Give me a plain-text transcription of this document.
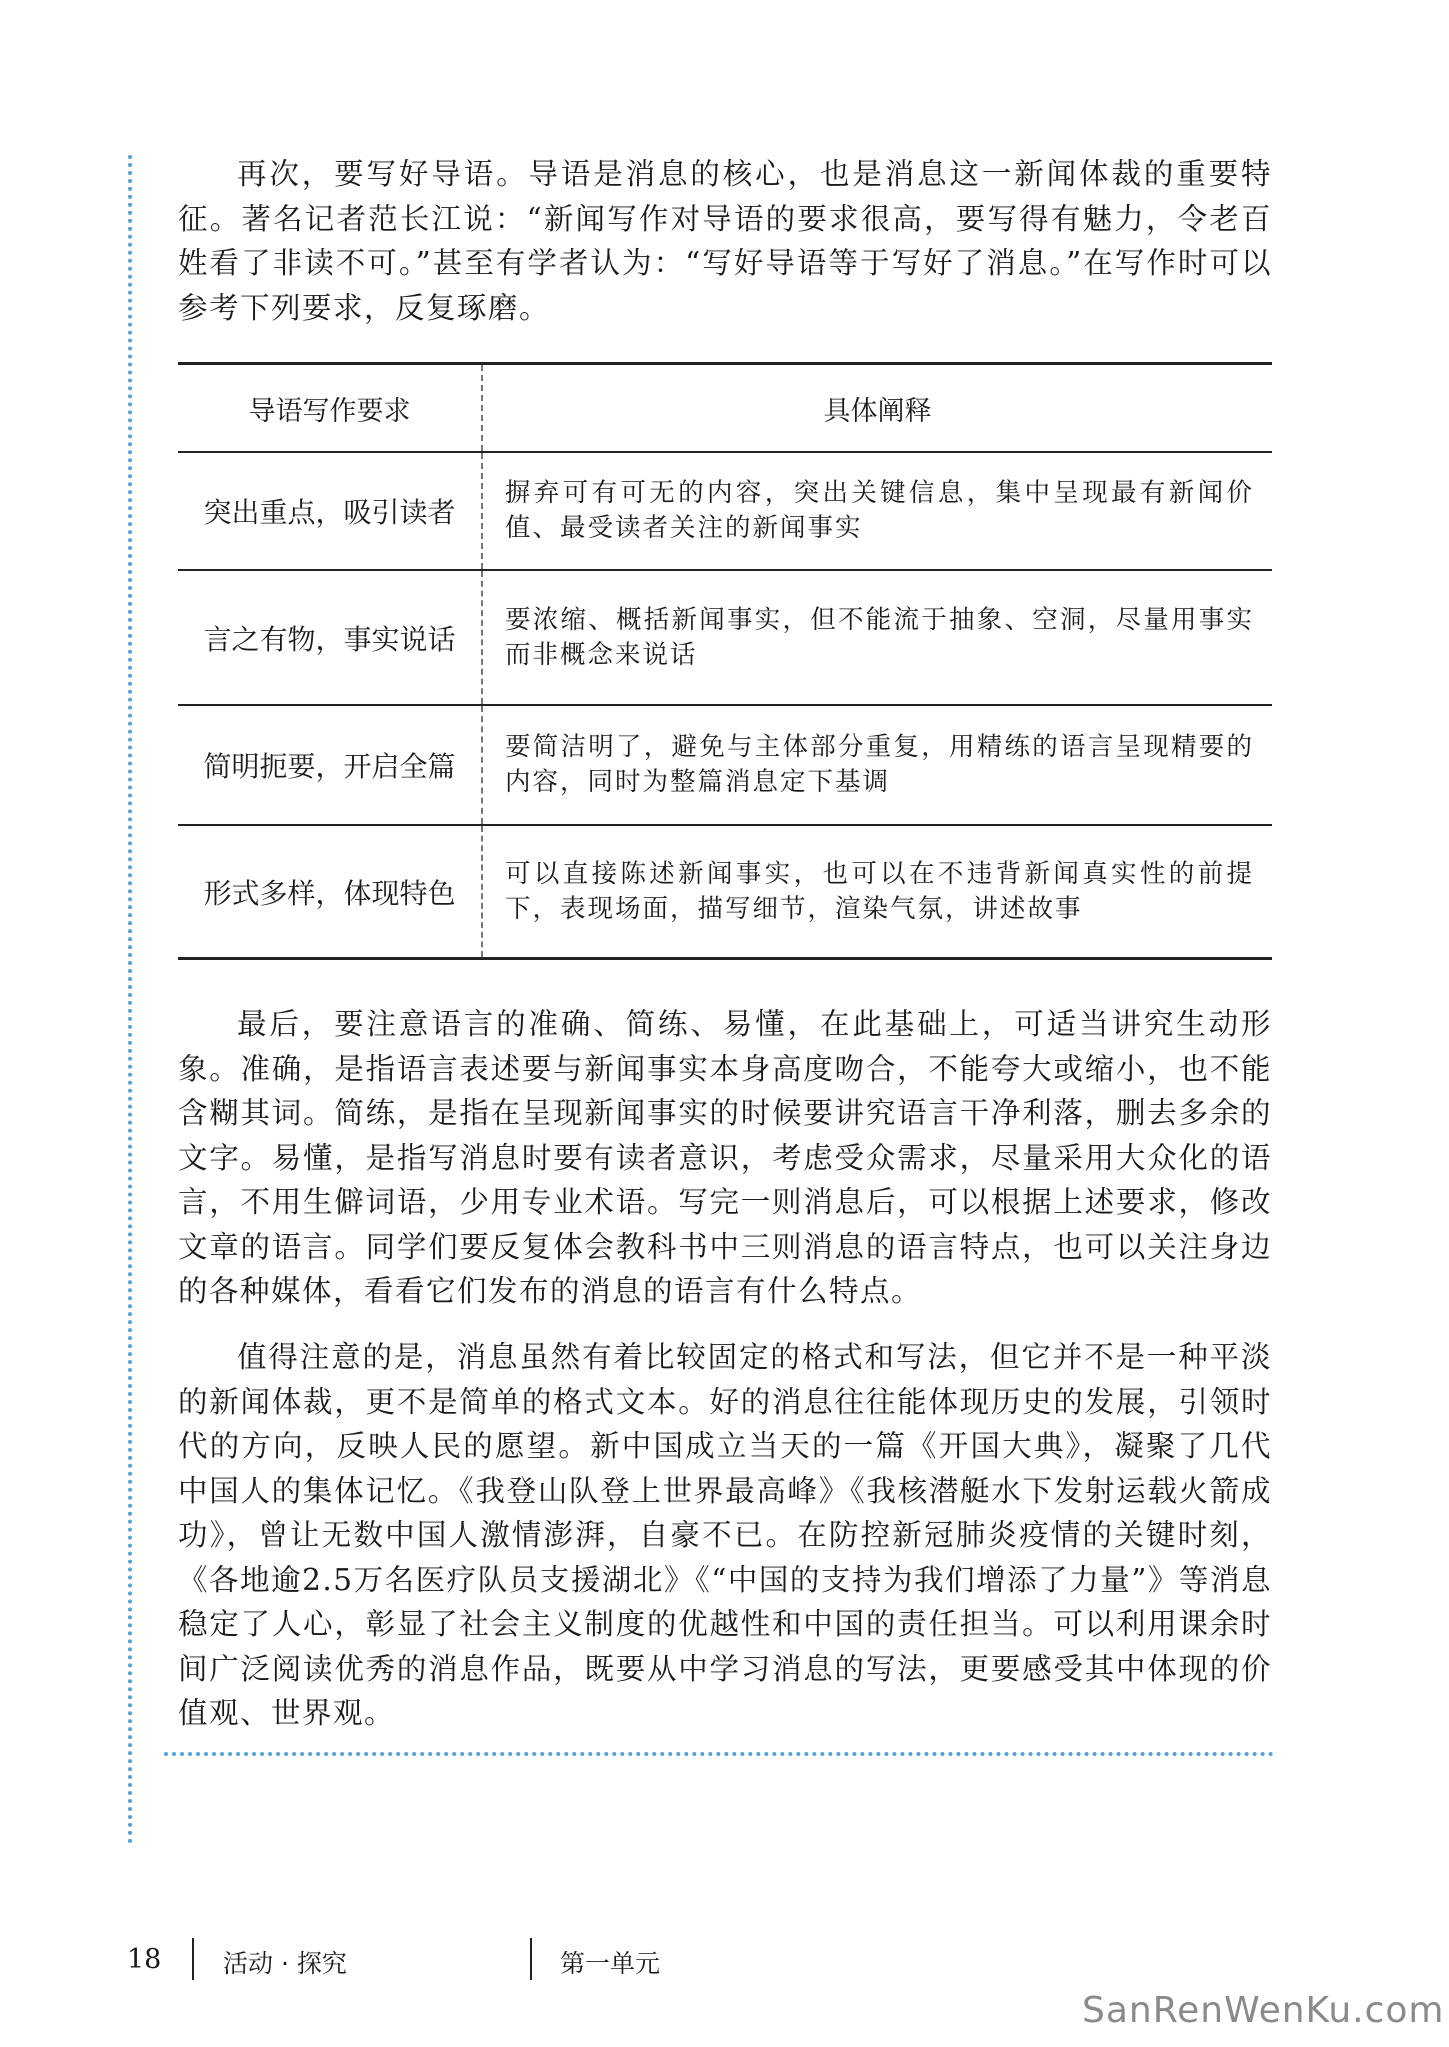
再次，要写好导语。导语是消息的核心，也是消息这一新闻体裁的重要特征。著名记者范长江说：“新闻写作对导语的要求很高，要写得有魅力，令老百姓看了非读不可。”甚至有学者认为：“写好导语等于写好了消息。”在写作时可以参考下列要求，反复琢磨。

导语写作要求	具体阐释
突出重点，吸引读者	摒弃可有可无的内容，突出关键信息，集中呈现最有新闻价值、最受读者关注的新闻事实
言之有物，事实说话	要浓缩、概括新闻事实，但不能流于抽象、空洞，尽量用事实而非概念来说话
简明扼要，开启全篇	要简洁明了，避免与主体部分重复，用精练的语言呈现精要的内容，同时为整篇消息定下基调
形式多样，体现特色	可以直接陈述新闻事实，也可以在不违背新闻真实性的前提下，表现场面，描写细节，渲染气氛，讲述故事

最后，要注意语言的准确、简练、易懂，在此基础上，可适当讲究生动形象。准确，是指语言表述要与新闻事实本身高度吻合，不能夸大或缩小，也不能含糊其词。简练，是指在呈现新闻事实的时候要讲究语言干净利落，删去多余的文字。易懂，是指写消息时要有读者意识，考虑受众需求，尽量采用大众化的语言，不用生僻词语，少用专业术语。写完一则消息后，可以根据上述要求，修改文章的语言。同学们要反复体会教科书中三则消息的语言特点，也可以关注身边的各种媒体，看看它们发布的消息的语言有什么特点。

值得注意的是，消息虽然有着比较固定的格式和写法，但它并不是一种平淡的新闻体裁，更不是简单的格式文本。好的消息往往能体现历史的发展，引领时代的方向，反映人民的愿望。新中国成立当天的一篇《开国大典》，凝聚了几代中国人的集体记忆。《我登山队登上世界最高峰》《我核潜艇水下发射运载火箭成功》，曾让无数中国人激情澎湃，自豪不已。在防控新冠肺炎疫情的关键时刻，《各地逾2.5万名医疗队员支援湖北》《“中国的支持为我们增添了力量”》等消息稳定了人心，彰显了社会主义制度的优越性和中国的责任担当。可以利用课余时间广泛阅读优秀的消息作品，既要从中学习消息的写法，更要感受其中体现的价值观、世界观。

18 活动 · 探究	第一单元
SanRenWenKu.com
